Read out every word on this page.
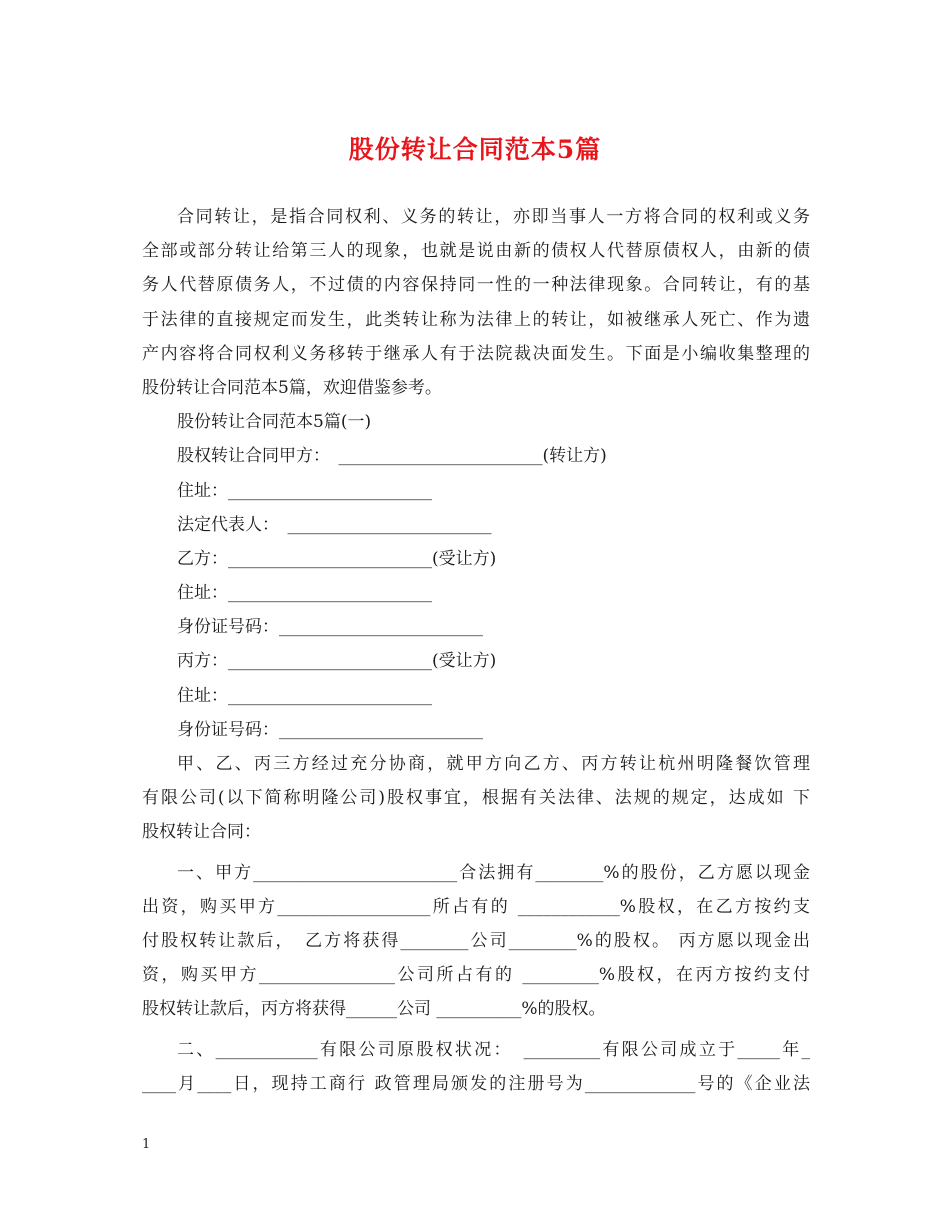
股份转让合同范本5篇
合同转让，是指合同权利、义务的转让，亦即当事人一方将合同的权利或义务
全部或部分转让给第三人的现象，也就是说由新的债权人代替原债权人，由新的债
务人代替原债务人，不过债的内容保持同一性的一种法律现象。合同转让，有的基
于法律的直接规定而发生，此类转让称为法律上的转让，如被继承人死亡、作为遗
产内容将合同权利义务移转于继承人有于法院裁决面发生。下面是小编收集整理的
股份转让合同范本5篇，欢迎借鉴参考。
股份转让合同范本5篇(一)
股权转让合同甲方：　________________________(转让方)
住址：________________________
法定代表人：　________________________
乙方：________________________(受让方)
住址：________________________
身份证号码：________________________
丙方：________________________(受让方)
住址：________________________
身份证号码：________________________
甲、乙、丙三方经过充分协商，就甲方向乙方、丙方转让杭州明隆餐饮管理
有限公司(以下简称明隆公司)股权事宜，根据有关法律、法规的规定，达成如 下
股权转让合同：
一、甲方________________________合法拥有________%的股份，乙方愿以现金
出资，购买甲方__________________所占有的 ____________%股权，在乙方按约支
付股权转让款后，　乙方将获得________公司________%的股权。 丙方愿以现金出
资，购买甲方________________公司所占有的 _________%股权，在丙方按约支付
股权转让款后，丙方将获得______公司 __________%的股权。
二、____________有限公司原股权状况：　_________有限公司成立于_____年_
____月____日，现持工商行 政管理局颁发的注册号为_____________号的《企业法
1
